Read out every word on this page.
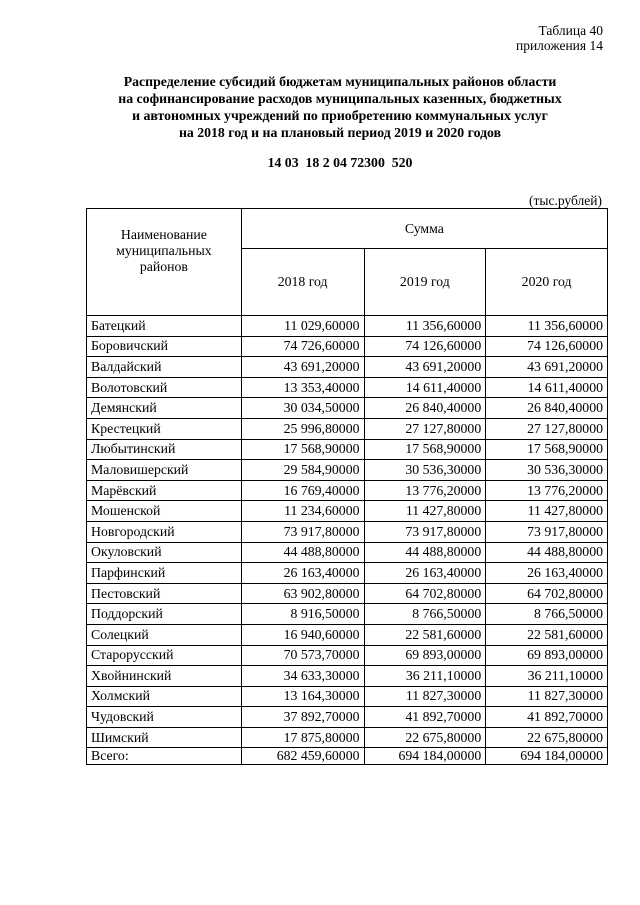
Таблица 40
приложения 14
Распределение субсидий бюджетам муниципальных районов области
на софинансирование расходов муниципальных казенных, бюджетных
и автономных учреждений по приобретению коммунальных услуг
на 2018 год и на плановый период 2019 и 2020 годов
14 03  18 2 04 72300  520
(тыс.рублей)
Наименование
муниципальных
районов	Сумма		
	2018 год	2019 год	2020 год
Батецкий	11 029,60000	11 356,60000	11 356,60000
Боровичский	74 726,60000	74 126,60000	74 126,60000
Валдайский	43 691,20000	43 691,20000	43 691,20000
Волотовский	13 353,40000	14 611,40000	14 611,40000
Демянский	30 034,50000	26 840,40000	26 840,40000
Крестецкий	25 996,80000	27 127,80000	27 127,80000
Любытинский	17 568,90000	17 568,90000	17 568,90000
Маловишерский	29 584,90000	30 536,30000	30 536,30000
Марёвский	16 769,40000	13 776,20000	13 776,20000
Мошенской	11 234,60000	11 427,80000	11 427,80000
Новгородский	73 917,80000	73 917,80000	73 917,80000
Окуловский	44 488,80000	44 488,80000	44 488,80000
Парфинский	26 163,40000	26 163,40000	26 163,40000
Пестовский	63 902,80000	64 702,80000	64 702,80000
Поддорский	8 916,50000	8 766,50000	8 766,50000
Солецкий	16 940,60000	22 581,60000	22 581,60000
Старорусский	70 573,70000	69 893,00000	69 893,00000
Хвойнинский	34 633,30000	36 211,10000	36 211,10000
Холмский	13 164,30000	11 827,30000	11 827,30000
Чудовский	37 892,70000	41 892,70000	41 892,70000
Шимский	17 875,80000	22 675,80000	22 675,80000
Всего:	682 459,60000	694 184,00000	694 184,00000
